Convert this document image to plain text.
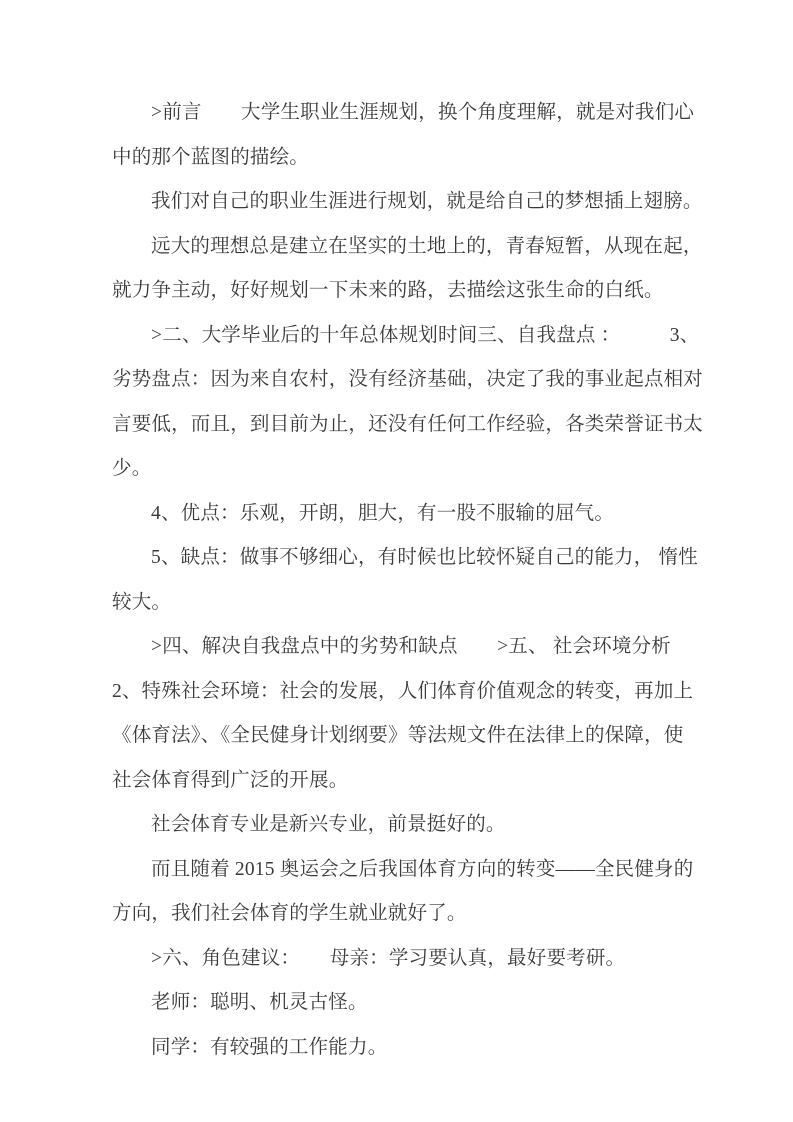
>前言　　大学生职业生涯规划，换个角度理解，就是对我们心
中的那个蓝图的描绘。
我们对自己的职业生涯进行规划，就是给自己的梦想插上翅膀。
远大的理想总是建立在坚实的土地上的，青春短暂，从现在起，
就力争主动，好好规划一下未来的路，去描绘这张生命的白纸。
>二、大学毕业后的十年总体规划时间三、自我盘点 ：　　　3、
劣势盘点：因为来自农村，没有经济基础，决定了我的事业起点相对
言要低，而且，到目前为止，还没有任何工作经验，各类荣誉证书太
少。
4、优点：乐观，开朗，胆大，有一股不服输的屈气。
5、缺点：做事不够细心，有时候也比较怀疑自己的能力， 惰性
较大。
>四、解决自我盘点中的劣势和缺点　　>五、 社会环境分析
2、特殊社会环境：社会的发展，人们体育价值观念的转变，再加上
《体育法》、《全民健身计划纲要》等法规文件在法律上的保障，使
社会体育得到广泛的开展。
社会体育专业是新兴专业，前景挺好的。
而且随着 2015 奥运会之后我国体育方向的转变——全民健身的
方向，我们社会体育的学生就业就好了。
>六、角色建议：　　母亲：学习要认真，最好要考研。
老师：聪明、机灵古怪。
同学：有较强的工作能力。
